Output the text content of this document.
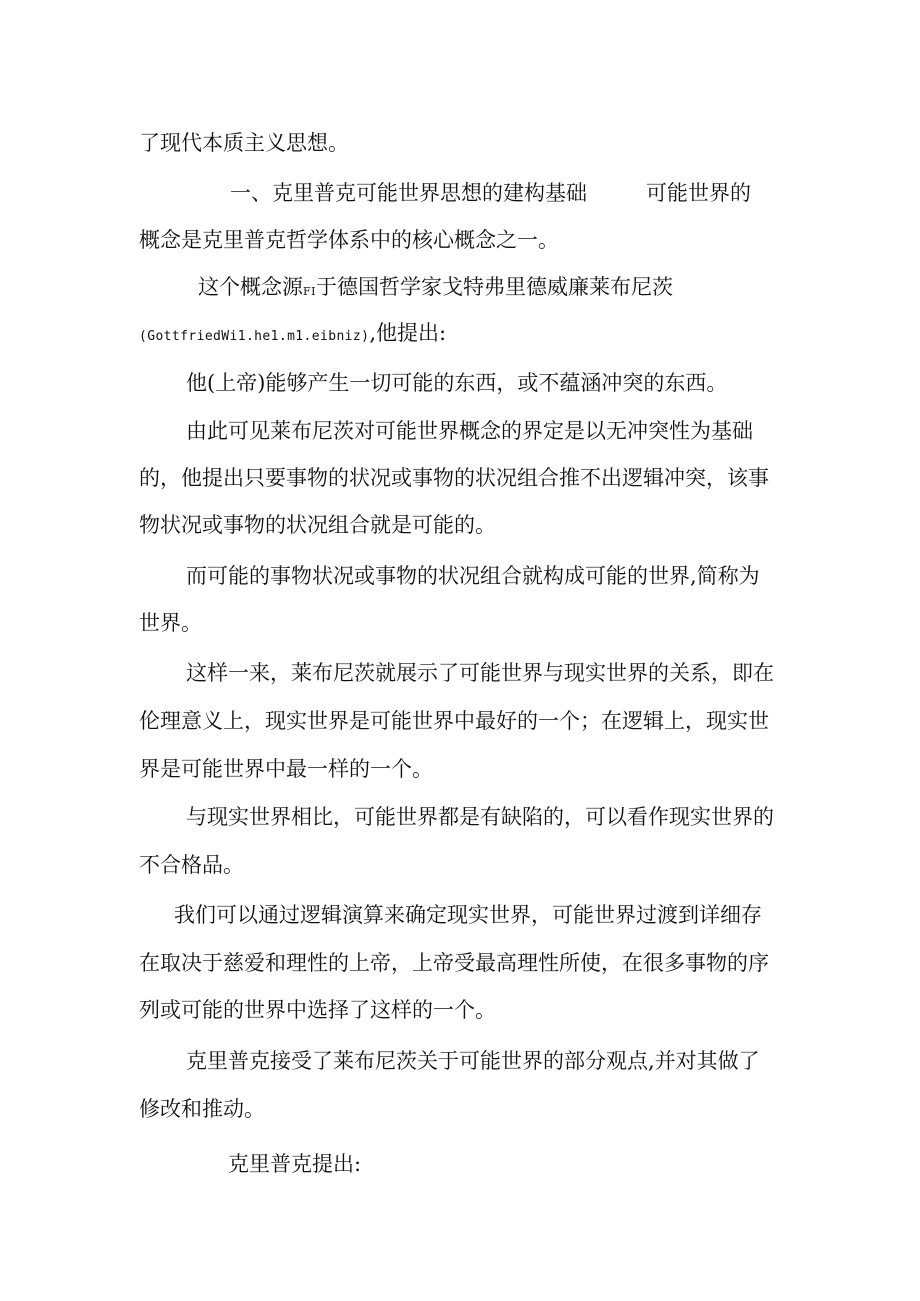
了现代本质主义思想。
一、克里普克可能世界思想的建构基础	可能世界的
概念是克里普克哲学体系中的核心概念之一。
这个概念源FI于德国哲学家戈特弗里德威廉莱布尼茨
(GottfriedWi1.he1.m1.eibniz),他提出:
他(上帝)能够产生一切可能的东西，或不蕴涵冲突的东西。
由此可见莱布尼茨对可能世界概念的界定是以无冲突性为基础
的，他提出只要事物的状况或事物的状况组合推不出逻辑冲突，该事
物状况或事物的状况组合就是可能的。
而可能的事物状况或事物的状况组合就构成可能的世界,简称为
世界。
这样一来，莱布尼茨就展示了可能世界与现实世界的关系，即在
伦理意义上，现实世界是可能世界中最好的一个；在逻辑上，现实世
界是可能世界中最一样的一个。
与现实世界相比，可能世界都是有缺陷的，可以看作现实世界的
不合格品。
我们可以通过逻辑演算来确定现实世界，可能世界过渡到详细存
在取决于慈爱和理性的上帝，上帝受最高理性所使，在很多事物的序
列或可能的世界中选择了这样的一个。
克里普克接受了莱布尼茨关于可能世界的部分观点,并对其做了
修改和推动。
克里普克提出:
